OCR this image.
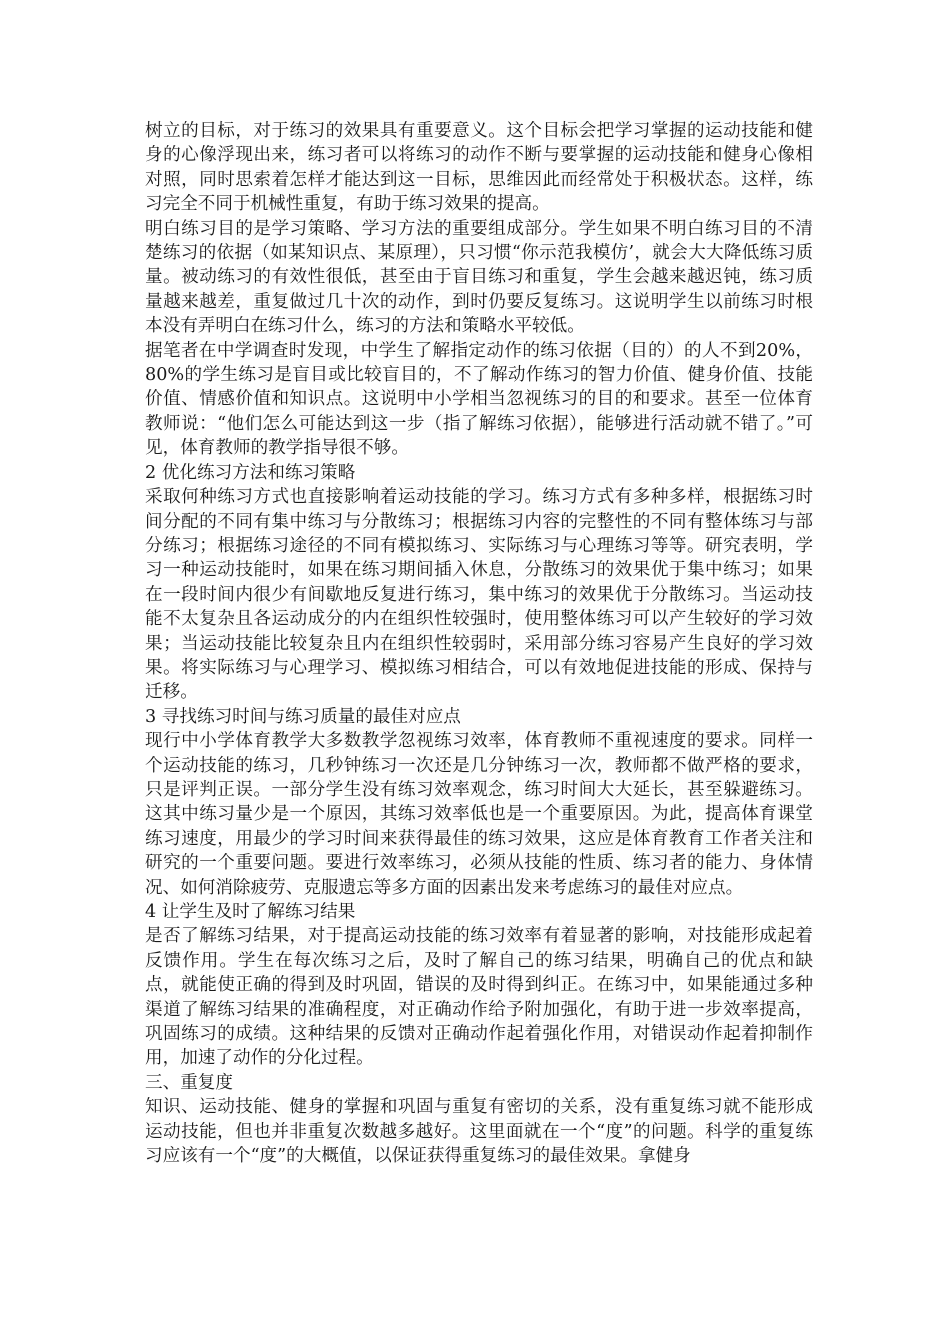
树立的目标，对于练习的效果具有重要意义。这个目标会把学习掌握的运动技能和健身的心像浮现出来，练习者可以将练习的动作不断与要掌握的运动技能和健身心像相对照，同时思索着怎样才能达到这一目标，思维因此而经常处于积极状态。这样，练习完全不同于机械性重复，有助于练习效果的提高。

明白练习目的是学习策略、学习方法的重要组成部分。学生如果不明白练习目的不清楚练习的依据（如某知识点、某原理），只习惯“你示范我模仿’，就会大大降低练习质量。被动练习的有效性很低，甚至由于盲目练习和重复，学生会越来越迟钝，练习质量越来越差，重复做过几十次的动作，到时仍要反复练习。这说明学生以前练习时根本没有弄明白在练习什么，练习的方法和策略水平较低。

据笔者在中学调查时发现，中学生了解指定动作的练习依据（目的）的人不到20%，80%的学生练习是盲目或比较盲目的，不了解动作练习的智力价值、健身价值、技能价值、情感价值和知识点。这说明中小学相当忽视练习的目的和要求。甚至一位体育教师说：“他们怎么可能达到这一步（指了解练习依据），能够进行活动就不错了。”可见，体育教师的教学指导很不够。

2 优化练习方法和练习策略

采取何种练习方式也直接影响着运动技能的学习。练习方式有多种多样，根据练习时间分配的不同有集中练习与分散练习；根据练习内容的完整性的不同有整体练习与部分练习；根据练习途径的不同有模拟练习、实际练习与心理练习等等。研究表明，学习一种运动技能时，如果在练习期间插入休息，分散练习的效果优于集中练习；如果在一段时间内很少有间歇地反复进行练习，集中练习的效果优于分散练习。当运动技能不太复杂且各运动成分的内在组织性较强时，使用整体练习可以产生较好的学习效果；当运动技能比较复杂且内在组织性较弱时，采用部分练习容易产生良好的学习效果。将实际练习与心理学习、模拟练习相结合，可以有效地促进技能的形成、保持与迁移。

3 寻找练习时间与练习质量的最佳对应点

现行中小学体育教学大多数教学忽视练习效率，体育教师不重视速度的要求。同样一个运动技能的练习，几秒钟练习一次还是几分钟练习一次，教师都不做严格的要求，只是评判正误。一部分学生没有练习效率观念，练习时间大大延长，甚至躲避练习。这其中练习量少是一个原因，其练习效率低也是一个重要原因。为此，提高体育课堂练习速度，用最少的学习时间来获得最佳的练习效果，这应是体育教育工作者关注和研究的一个重要问题。要进行效率练习，必须从技能的性质、练习者的能力、身体情况、如何消除疲劳、克服遗忘等多方面的因素出发来考虑练习的最佳对应点。

4 让学生及时了解练习结果

是否了解练习结果，对于提高运动技能的练习效率有着显著的影响，对技能形成起着反馈作用。学生在每次练习之后，及时了解自己的练习结果，明确自己的优点和缺点，就能使正确的得到及时巩固，错误的及时得到纠正。在练习中，如果能通过多种渠道了解练习结果的准确程度，对正确动作给予附加强化，有助于进一步效率提高，巩固练习的成绩。这种结果的反馈对正确动作起着强化作用，对错误动作起着抑制作用，加速了动作的分化过程。

三、重复度

知识、运动技能、健身的掌握和巩固与重复有密切的关系，没有重复练习就不能形成运动技能，但也并非重复次数越多越好。这里面就在一个“度”的问题。科学的重复练习应该有一个“度”的大概值，以保证获得重复练习的最佳效果。拿健身
